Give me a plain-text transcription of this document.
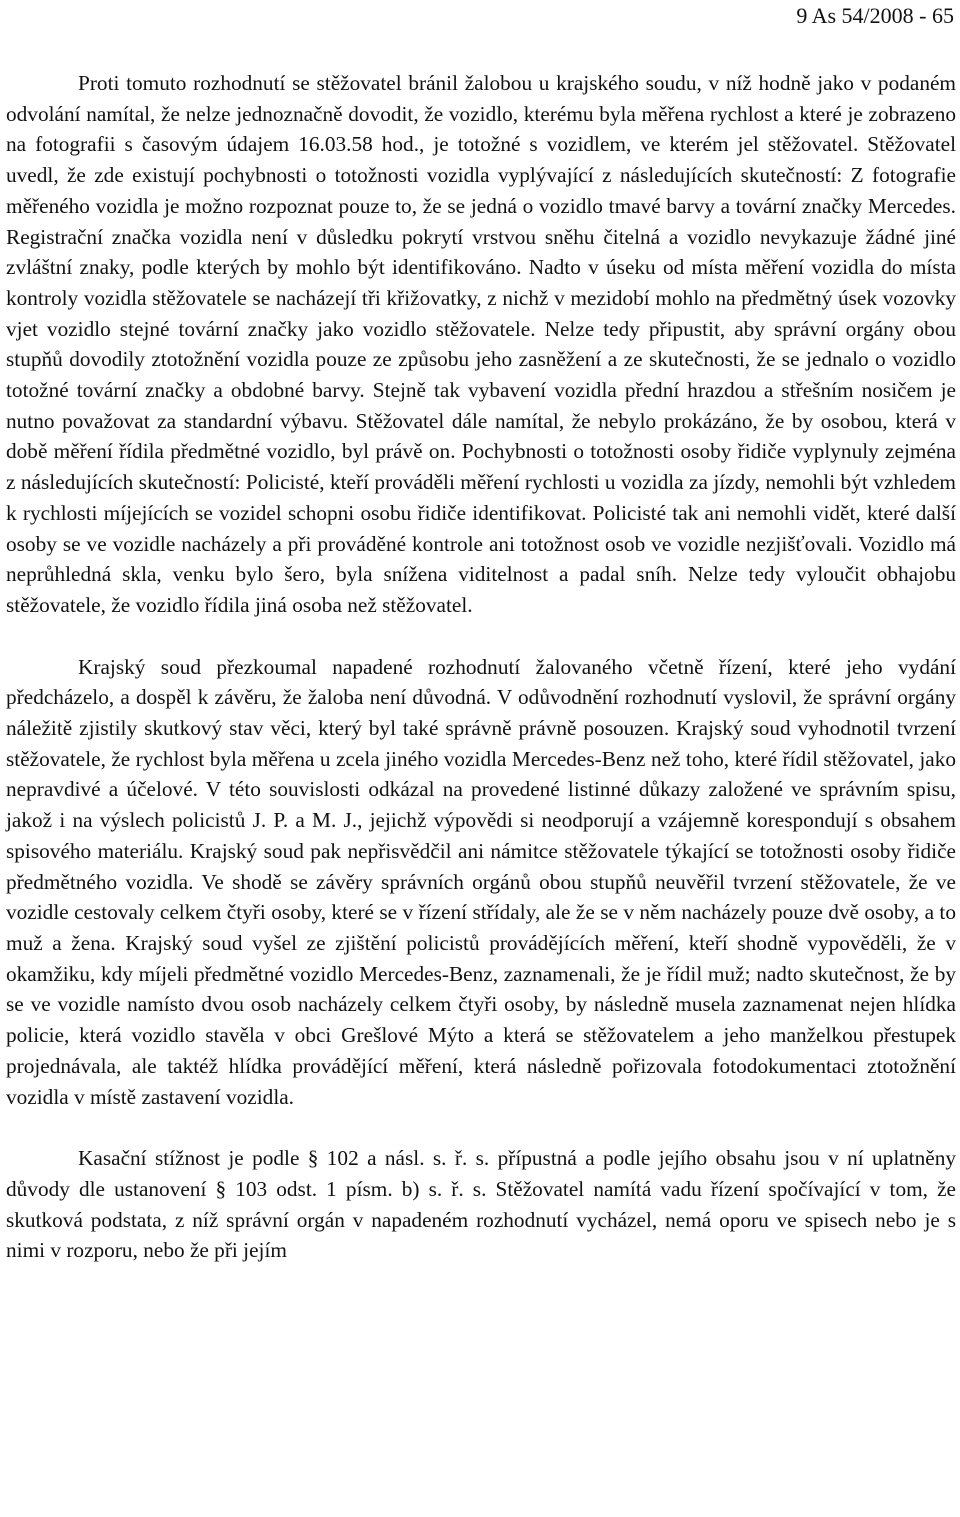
9 As 54/2008 - 65

Proti tomuto rozhodnutí se stěžovatel bránil žalobou u krajského soudu, v níž hodně jako v podaném odvolání namítal, že nelze jednoznačně dovodit, že vozidlo, kterému byla měřena rychlost a které je zobrazeno na fotografii s časovým údajem 16.03.58 hod., je totožné s vozidlem, ve kterém jel stěžovatel. Stěžovatel uvedl, že zde existují pochybnosti o totožnosti vozidla vyplývající z následujících skutečností: Z fotografie měřeného vozidla je možno rozpoznat pouze to, že se jedná o vozidlo tmavé barvy a tovární značky Mercedes. Registrační značka vozidla není v důsledku pokrytí vrstvou sněhu čitelná a vozidlo nevykazuje žádné jiné zvláštní znaky, podle kterých by mohlo být identifikováno. Nadto v úseku od místa měření vozidla do místa kontroly vozidla stěžovatele se nacházejí tři křižovatky, z nichž v mezidobí mohlo na předmětný úsek vozovky vjet vozidlo stejné tovární značky jako vozidlo stěžovatele. Nelze tedy připustit, aby správní orgány obou stupňů dovodily ztotožnění vozidla pouze ze způsobu jeho zasněžení a ze skutečnosti, že se jednalo o vozidlo totožné tovární značky a obdobné barvy. Stejně tak vybavení vozidla přední hrazdou a střešním nosičem je nutno považovat za standardní výbavu. Stěžovatel dále namítal, že nebylo prokázáno, že by osobou, která v době měření řídila předmětné vozidlo, byl právě on. Pochybnosti o totožnosti osoby řidiče vyplynuly zejména z následujících skutečností: Policisté, kteří prováděli měření rychlosti u vozidla za jízdy, nemohli být vzhledem k rychlosti míjejících se vozidel schopni osobu řidiče identifikovat. Policisté tak ani nemohli vidět, které další osoby se ve vozidle nacházely a při prováděné kontrole ani totožnost osob ve vozidle nezjišťovali. Vozidlo má neprůhledná skla, venku bylo šero, byla snížena viditelnost a padal sníh. Nelze tedy vyloučit obhajobu stěžovatele, že vozidlo řídila jiná osoba než stěžovatel.

Krajský soud přezkoumal napadené rozhodnutí žalovaného včetně řízení, které jeho vydání předcházelo, a dospěl k závěru, že žaloba není důvodná. V odůvodnění rozhodnutí vyslovil, že správní orgány náležitě zjistily skutkový stav věci, který byl také správně právně posouzen. Krajský soud vyhodnotil tvrzení stěžovatele, že rychlost byla měřena u zcela jiného vozidla Mercedes-Benz než toho, které řídil stěžovatel, jako nepravdivé a účelové. V této souvislosti odkázal na provedené listinné důkazy založené ve správním spisu, jakož i na výslech policistů J. P. a M. J., jejichž výpovědi si neodporují a vzájemně korespondují s obsahem spisového materiálu. Krajský soud pak nepřisvědčil ani námitce stěžovatele týkající se totožnosti osoby řidiče předmětného vozidla. Ve shodě se závěry správních orgánů obou stupňů neuvěřil tvrzení stěžovatele, že ve vozidle cestovaly celkem čtyři osoby, které se v řízení střídaly, ale že se v něm nacházely pouze dvě osoby, a to muž a žena. Krajský soud vyšel ze zjištění policistů provádějících měření, kteří shodně vypověděli, že v okamžiku, kdy míjeli předmětné vozidlo Mercedes-Benz, zaznamenali, že je řídil muž; nadto skutečnost, že by se ve vozidle namísto dvou osob nacházely celkem čtyři osoby, by následně musela zaznamenat nejen hlídka policie, která vozidlo stavěla v obci Grešlové Mýto a která se stěžovatelem a jeho manželkou přestupek projednávala, ale taktéž hlídka provádějící měření, která následně pořizovala fotodokumentaci ztotožnění vozidla v místě zastavení vozidla.

Kasační stížnost je podle § 102 a násl. s. ř. s. přípustná a podle jejího obsahu jsou v ní uplatněny důvody dle ustanovení § 103 odst. 1 písm. b) s. ř. s. Stěžovatel namítá vadu řízení spočívající v tom, že skutková podstata, z níž správní orgán v napadeném rozhodnutí vycházel, nemá oporu ve spisech nebo je s nimi v rozporu, nebo že při jejím
